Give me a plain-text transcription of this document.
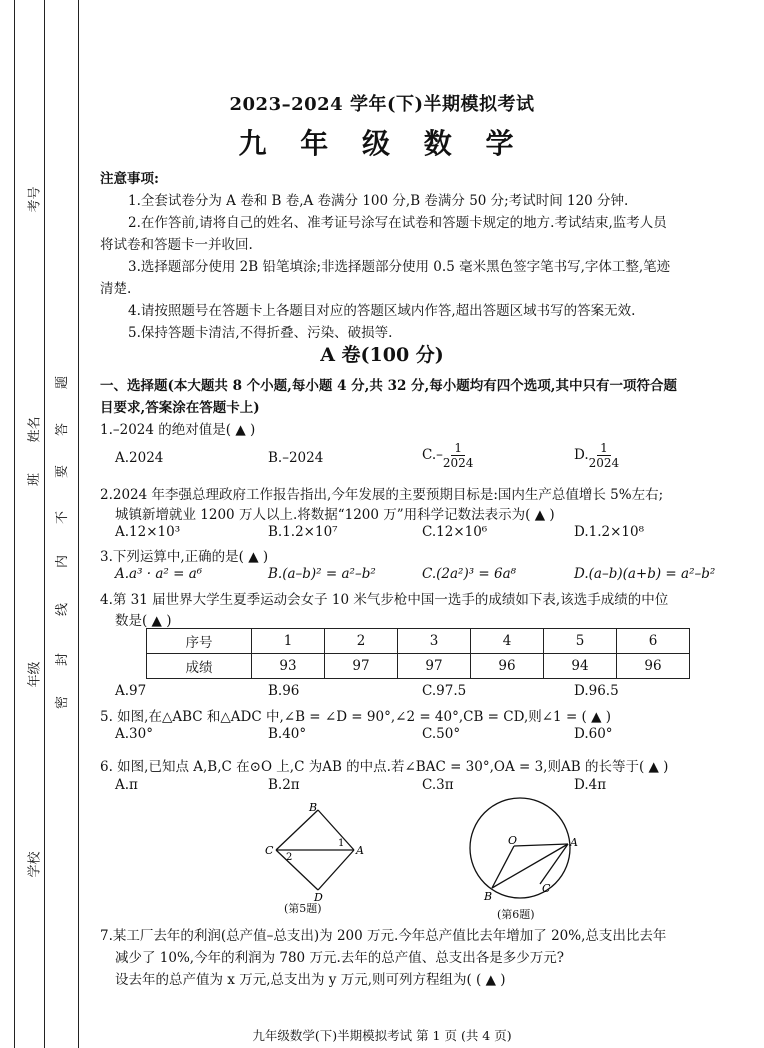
考号
班
姓名
年级
学校
密
封
线
内
不
要
答
题
2023–2024 学年(下)半期模拟考试
九 年 级 数 学
注意事项:
1.全套试卷分为 A 卷和 B 卷,A 卷满分 100 分,B 卷满分 50 分;考试时间 120 分钟.
2.在作答前,请将自己的姓名、准考证号涂写在试卷和答题卡规定的地方.考试结束,监考人员
将试卷和答题卡一并收回.
3.选择题部分使用 2B 铅笔填涂;非选择题部分使用 0.5 毫米黑色签字笔书写,字体工整,笔迹
清楚.
4.请按照题号在答题卡上各题目对应的答题区域内作答,超出答题区域书写的答案无效.
5.保持答题卡清洁,不得折叠、污染、破损等.
A 卷(100 分)
一、选择题(本大题共 8 个小题,每小题 4 分,共 32 分,每小题均有四个选项,其中只有一项符合题
目要求,答案涂在答题卡上)
1.–2024 的绝对值是( ▲ )
A.2024	B.–2024	$C.- \frac{1}{2024}$	D. $\frac{1}{2024}$
2.2024 年李强总理政府工作报告指出,今年发展的主要预期目标是:国内生产总值增长 5%左右;
城镇新增就业 1200 万人以上.将数据“1200 万”用科学记数法表示为( ▲ )
A.12×10³	B.1.2×10⁷	C.12×10⁶	D.1.2×10⁸
3.下列运算中,正确的是( ▲ )
A.a³ · a² = a⁶	B.(a–b)² = a²–b²	C.(2a²)³ = 6a⁸	D.(a–b)(a+b) = a²–b²
4.第 31 届世界大学生夏季运动会女子 10 米气步枪中国一选手的成绩如下表,该选手成绩的中位
数是( ▲ )
序号	1	2	3	4	5	6
成绩	93	97	97	96	94	96
A.97	B.96	C.97.5	D.96.5
5. 如图,在△ABC 和△ADC 中,∠B = ∠D = 90°,∠2 = 40°,CB = CD,则∠1 = ( ▲ )
A.30°	B.40°	C.50°	D.60°
6. 如图,已知点 A,B,C 在⊙O 上,C 为AB 的中点.若∠BAC = 30°,OA = 3,则AB 的长等于( ▲ )
A.π	B.2π	C.3π	D.4π
B
C	A
D
1
2
(第5题)
O	A
B
C
(第6题)
7.某工厂去年的利润(总产值–总支出)为 200 万元.今年总产值比去年增加了 20%,总支出比去年
减少了 10%,今年的利润为 780 万元.去年的总产值、总支出各是多少万元?
设去年的总产值为 x 万元,总支出为 y 万元,则可列方程组为( ( ▲ )
九年级数学(下)半期模拟考试 第 1 页 (共 4 页)
